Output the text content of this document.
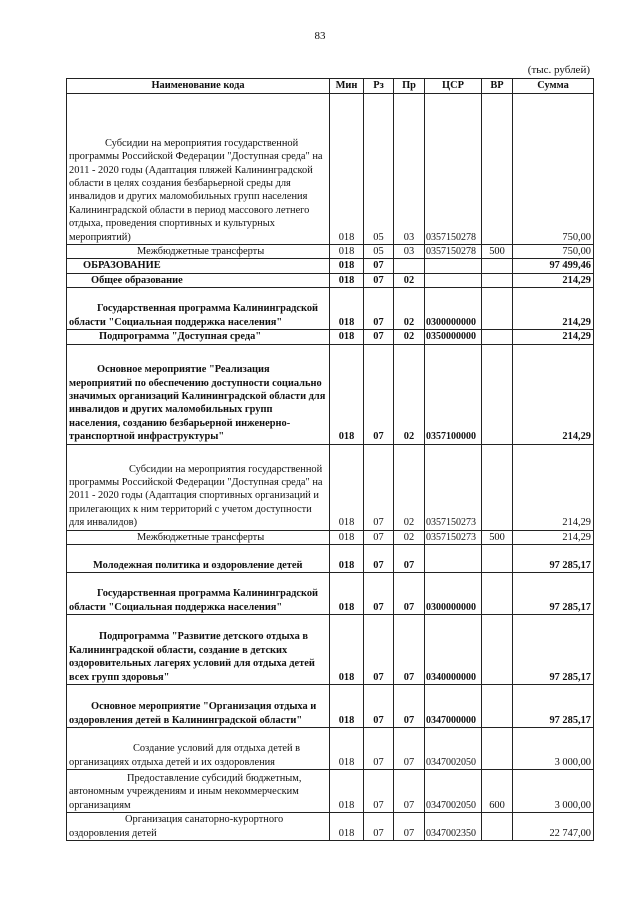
83
(тыс. рублей)
Наименование кода	Мин	Рз	Пр	ЦСР	ВР	Сумма
Субсидии на мероприятия государственной программы Российской Федерации "Доступная среда" на 2011 - 2020 годы (Адаптация пляжей Калининградской области в целях создания безбарьерной среды для инвалидов и других маломобильных групп населения Калининградской области в период массового летнего отдыха, проведения спортивных и культурных мероприятий)	018	05	03	0357150278		750,00
Межбюджетные трансферты	018	05	03	0357150278	500	750,00
ОБРАЗОВАНИЕ	018	07				97 499,46
Общее образование	018	07	02			214,29
Государственная программа Калининградской области "Социальная поддержка населения"	018	07	02	0300000000		214,29
Подпрограмма "Доступная среда"	018	07	02	0350000000		214,29
Основное мероприятие "Реализация мероприятий по обеспечению доступности социально значимых организаций Калининградской области для инвалидов и других маломобильных групп населения, созданию безбарьерной инженерно-транспортной инфраструктуры"	018	07	02	0357100000		214,29
Субсидии на мероприятия государственной программы Российской Федерации "Доступная среда" на 2011 - 2020 годы (Адаптация спортивных организаций и прилегающих к ним территорий с учетом доступности для инвалидов)	018	07	02	0357150273		214,29
Межбюджетные трансферты	018	07	02	0357150273	500	214,29
Молодежная политика и оздоровление детей	018	07	07			97 285,17
Государственная программа Калининградской области "Социальная поддержка населения"	018	07	07	0300000000		97 285,17
Подпрограмма "Развитие детского отдыха в Калининградской области, создание в детских оздоровительных лагерях условий для отдыха детей всех групп здоровья"	018	07	07	0340000000		97 285,17
Основное мероприятие "Организация отдыха и оздоровления детей в Калининградской области"	018	07	07	0347000000		97 285,17
Создание условий для отдыха детей в организациях отдыха детей и их оздоровления	018	07	07	0347002050		3 000,00
Предоставление субсидий бюджетным, автономным учреждениям и иным некоммерческим организациям	018	07	07	0347002050	600	3 000,00
Организация санаторно-курортного оздоровления детей	018	07	07	0347002350		22 747,00
